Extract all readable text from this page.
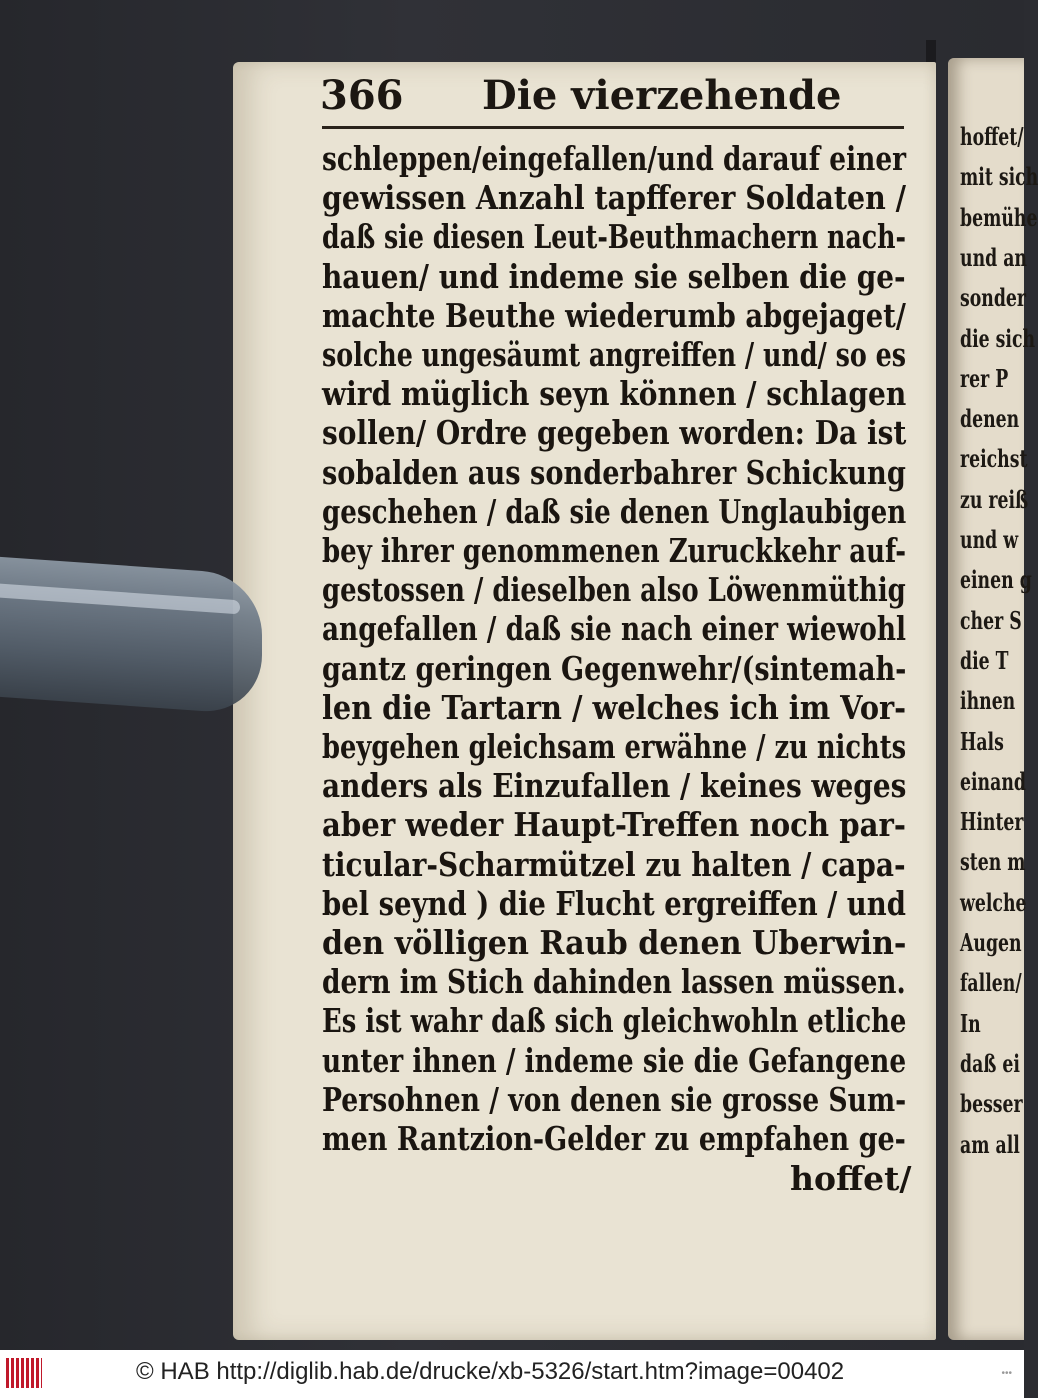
hoffet/
mit sich
bemühe
und an
sonder
die sich
rer P
denen
reichst
zu reiß
und w
einen g
cher S
die T
ihnen
Hals
einand
Hinter
sten m
welche
Augen
fallen/
In
daß ei
besser
am all
366 Die vierzehende
schleppen/eingefallen/und darauf einer
gewissen Anzahl tapfferer Soldaten /
daß sie diesen Leut-Beuthmachern nach-
hauen/ und indeme sie selben die ge-
machte Beuthe wiederumb abgejaget/
solche ungesäumt angreiffen / und/ so es
wird müglich seyn können / schlagen
sollen/ Ordre gegeben worden: Da ist
sobalden aus sonderbahrer Schickung
geschehen / daß sie denen Unglaubigen
bey ihrer genommenen Zuruckkehr auf-
gestossen / dieselben also Löwenmüthig
angefallen / daß sie nach einer wiewohl
gantz geringen Gegenwehr/(sintemah-
len die Tartarn / welches ich im Vor-
beygehen gleichsam erwähne / zu nichts
anders als Einzufallen / keines weges
aber weder Haupt-Treffen noch par-
ticular-Scharmützel zu halten / capa-
bel seynd ) die Flucht ergreiffen / und
den völligen Raub denen Uberwin-
dern im Stich dahinden lassen müssen.
Es ist wahr daß sich gleichwohln etliche
unter ihnen / indeme sie die Gefangene
Persohnen / von denen sie grosse Sum-
men Rantzion-Gelder zu empfahen ge-
hoffet/
© HAB http://diglib.hab.de/drucke/xb-5326/start.htm?image=00402	•••
